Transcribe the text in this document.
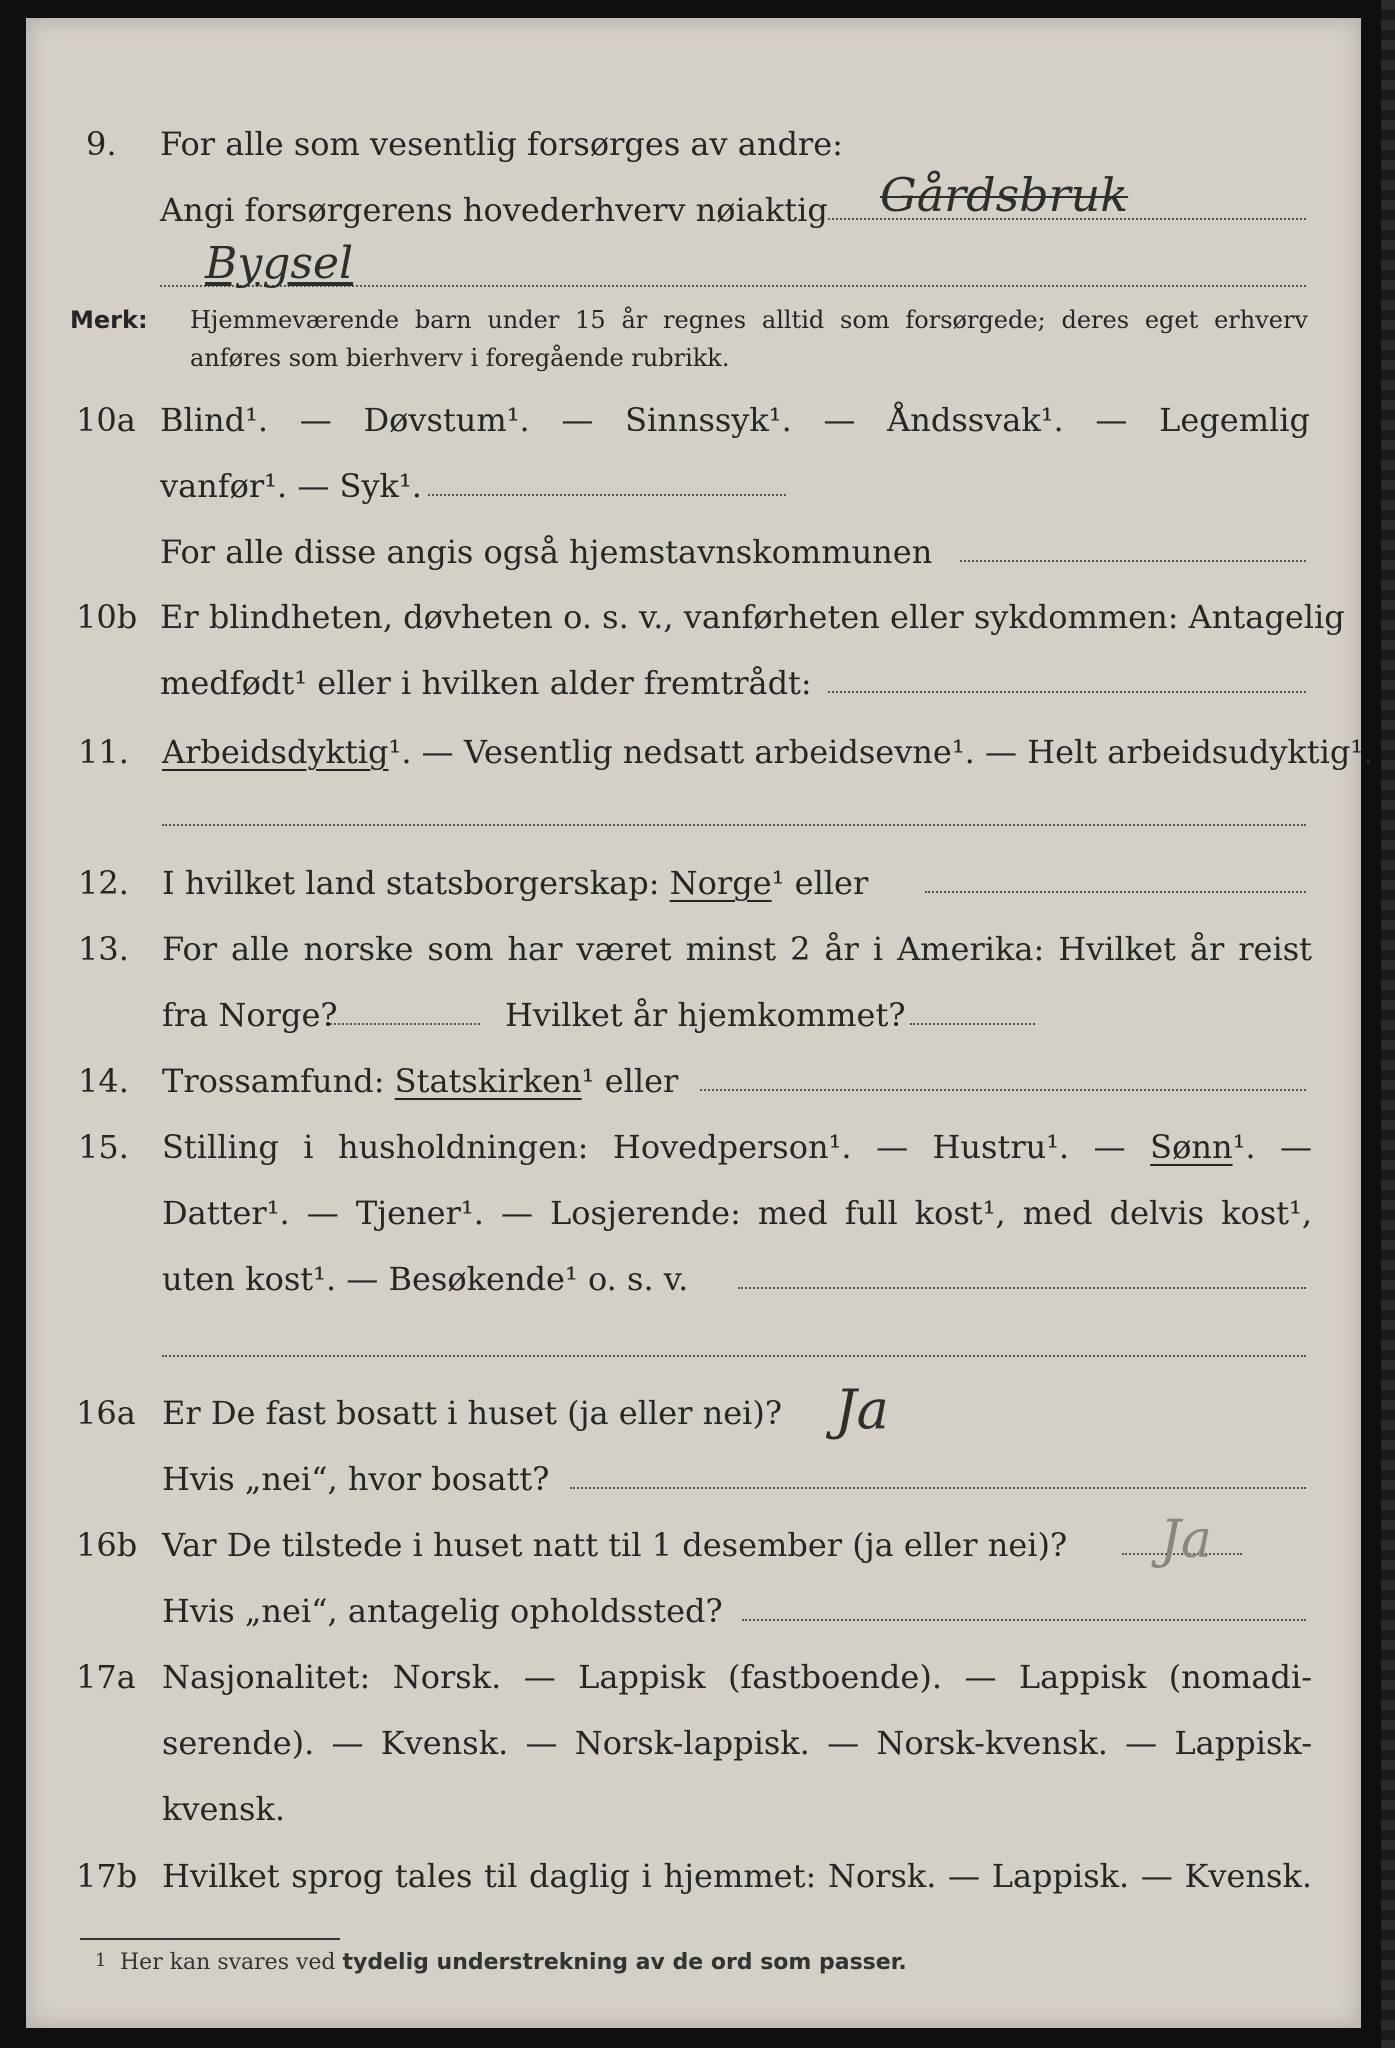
9. For alle som vesentlig forsørges av andre:
Angi forsørgerens hovederhverv nøiaktig Gårdsbruk
Bygsel
Merk: Hjemmeværende barn under 15 år regnes alltid som forsørgede; deres eget erhverv
anføres som bierhverv i foregående rubrikk.
10a Blind¹. — Døvstum¹. — Sinnssyk¹. — Åndssvak¹. — Legemlig
vanfør¹. — Syk¹.
For alle disse angis også hjemstavnskommunen
10b Er blindheten, døvheten o. s. v., vanførheten eller sykdommen: Antagelig
medfødt¹ eller i hvilken alder fremtrådt:
11. Arbeidsdyktig¹. — Vesentlig nedsatt arbeidsevne¹. — Helt arbeidsudyktig¹.
12. I hvilket land statsborgerskap: Norge¹ eller
13. For alle norske som har været minst 2 år i Amerika: Hvilket år reist
fra Norge?	Hvilket år hjemkommet?
14. Trossamfund: Statskirken¹ eller
15. Stilling i husholdningen: Hovedperson¹. — Hustru¹. — Sønn¹. —
Datter¹. — Tjener¹. — Losjerende: med full kost¹, med delvis kost¹,
uten kost¹. — Besøkende¹ o. s. v.
16a Er De fast bosatt i huset (ja eller nei)? Ja
Hvis „nei“, hvor bosatt?
16b Var De tilstede i huset natt til 1 desember (ja eller nei)? Ja
Hvis „nei“, antagelig opholdssted?
17a Nasjonalitet: Norsk. — Lappisk (fastboende). — Lappisk (nomadi-
serende). — Kvensk. — Norsk-lappisk. — Norsk-kvensk. — Lappisk-
kvensk.
17b Hvilket sprog tales til daglig i hjemmet: Norsk. — Lappisk. — Kvensk.
1 Her kan svares ved tydelig understrekning av de ord som passer.
